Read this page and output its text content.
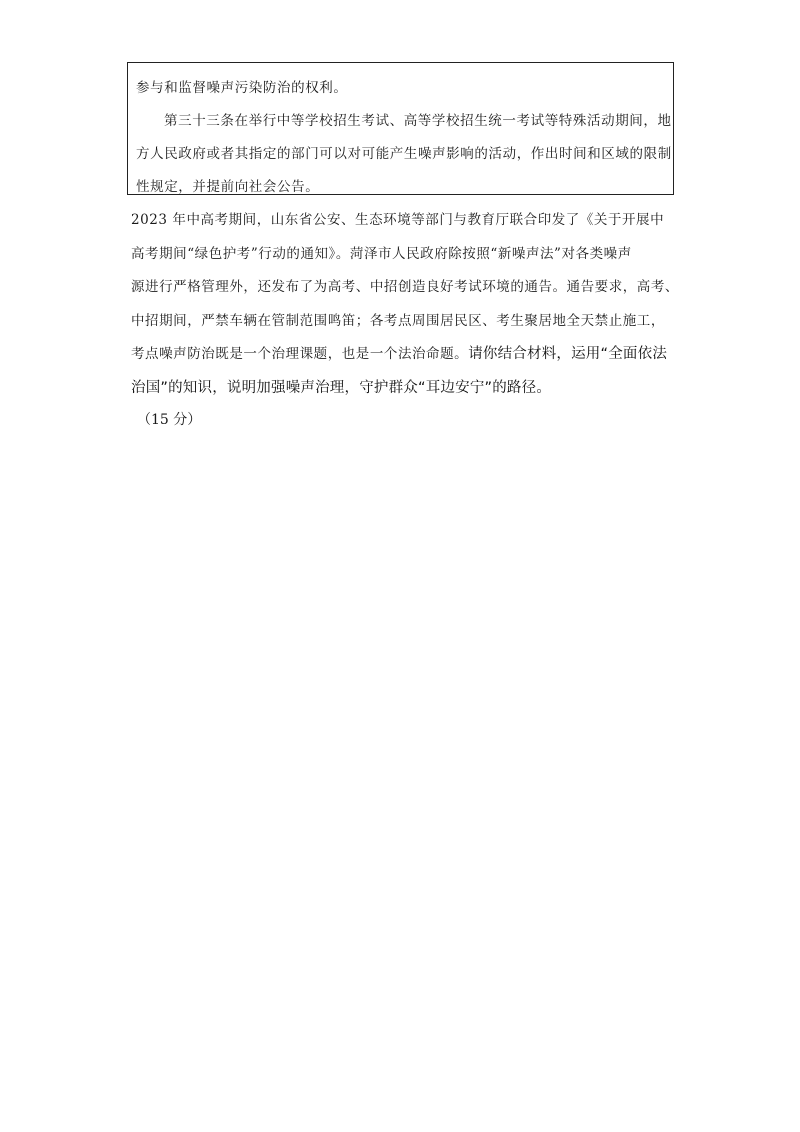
参与和监督噪声污染防治的权利。

第三十三条在举行中等学校招生考试、高等学校招生统一考试等特殊活动期间，地

方人民政府或者其指定的部门可以对可能产生噪声影响的活动，作出时间和区域的限制

性规定，并提前向社会公告。

2023 年中高考期间，山东省公安、生态环境等部门与教育厅联合印发了《关于开展中

高考期间“绿色护考”行动的通知》。菏泽市人民政府除按照“新噪声法”对各类噪声

源进行严格管理外，还发布了为高考、中招创造良好考试环境的通告。通告要求，高考、

中招期间，严禁车辆在管制范围鸣笛；各考点周围居民区、考生聚居地全天禁止施工，

考点噪声防治既是一个治理课题，也是一个法治命题。请你结合材料，运用“全面依法

治国”的知识，说明加强噪声治理，守护群众“耳边安宁”的路径。

（15 分）
